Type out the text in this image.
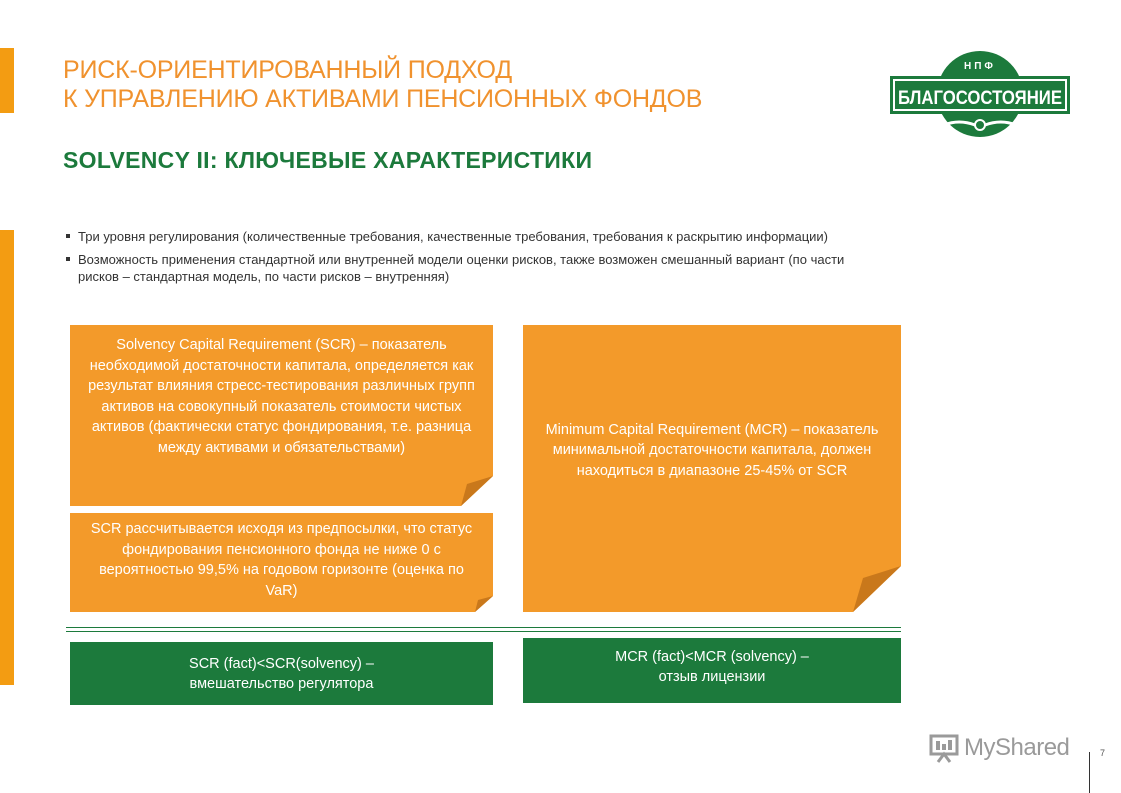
РИСК-ОРИЕНТИРОВАННЫЙ ПОДХОД
К УПРАВЛЕНИЮ АКТИВАМИ ПЕНСИОННЫХ ФОНДОВ
SOLVENCY II: КЛЮЧЕВЫЕ ХАРАКТЕРИСТИКИ
НПФ
БЛАГОСОСТОЯНИЕ
Три уровня регулирования (количественные требования, качественные требования, требования к раскрытию информации)
Возможность применения стандартной или внутренней модели оценки рисков, также возможен смешанный вариант (по части рисков – стандартная модель, по части рисков – внутренняя)
Solvency Capital Requirement (SCR) – показатель необходимой достаточности капитала, определяется как результат влияния стресс-тестирования различных групп активов на совокупный показатель стоимости чистых активов (фактически статус фондирования, т.е. разница между активами и обязательствами)
SCR рассчитывается исходя из предпосылки, что статус фондирования пенсионного фонда не ниже 0 с вероятностью 99,5% на годовом горизонте (оценка по VaR)
Minimum Capital Requirement (MCR) – показатель минимальной достаточности капитала, должен находиться в диапазоне 25-45% от SCR
SCR (fact)<SCR(solvency) –
вмешательство регулятора
MCR (fact)<MCR (solvency) –
отзыв лицензии
MyShared	7
